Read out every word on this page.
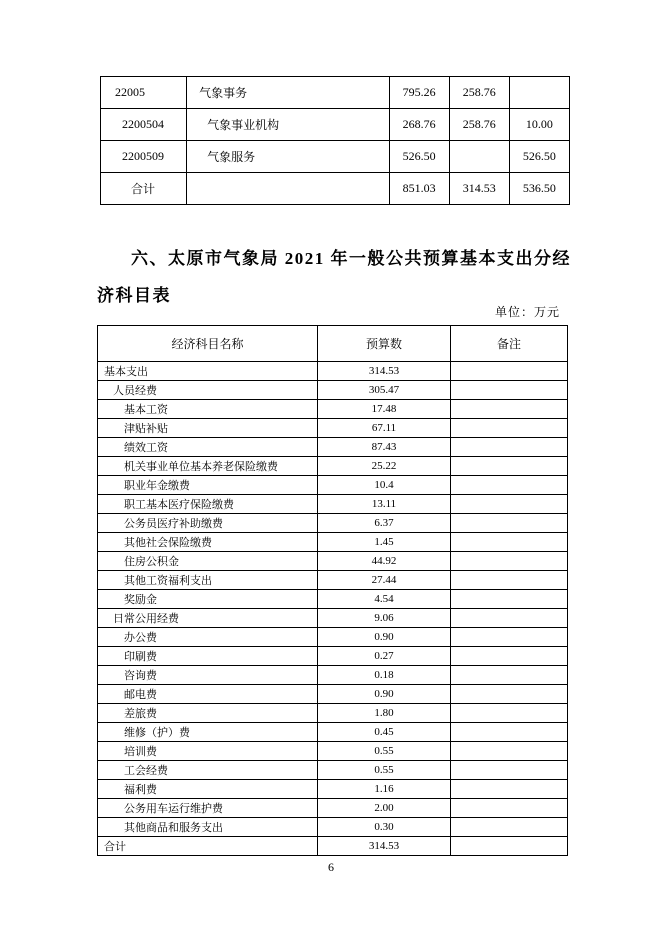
22005	气象事务	795.26	258.76	
2200504	气象事业机构	268.76	258.76	10.00
2200509	气象服务	526.50		526.50
合计		851.03	314.53	536.50
六、太原市气象局 2021 年一般公共预算基本支出分经
济科目表
单位：万元
经济科目名称	预算数	备注
基本支出	314.53	
人员经费	305.47	
基本工资	17.48	
津贴补贴	67.11	
绩效工资	87.43	
机关事业单位基本养老保险缴费	25.22	
职业年金缴费	10.4	
职工基本医疗保险缴费	13.11	
公务员医疗补助缴费	6.37	
其他社会保险缴费	1.45	
住房公积金	44.92	
其他工资福利支出	27.44	
奖励金	4.54	
日常公用经费	9.06	
办公费	0.90	
印刷费	0.27	
咨询费	0.18	
邮电费	0.90	
差旅费	1.80	
维修（护）费	0.45	
培训费	0.55	
工会经费	0.55	
福利费	1.16	
公务用车运行维护费	2.00	
其他商品和服务支出	0.30	
合计	314.53	
6
